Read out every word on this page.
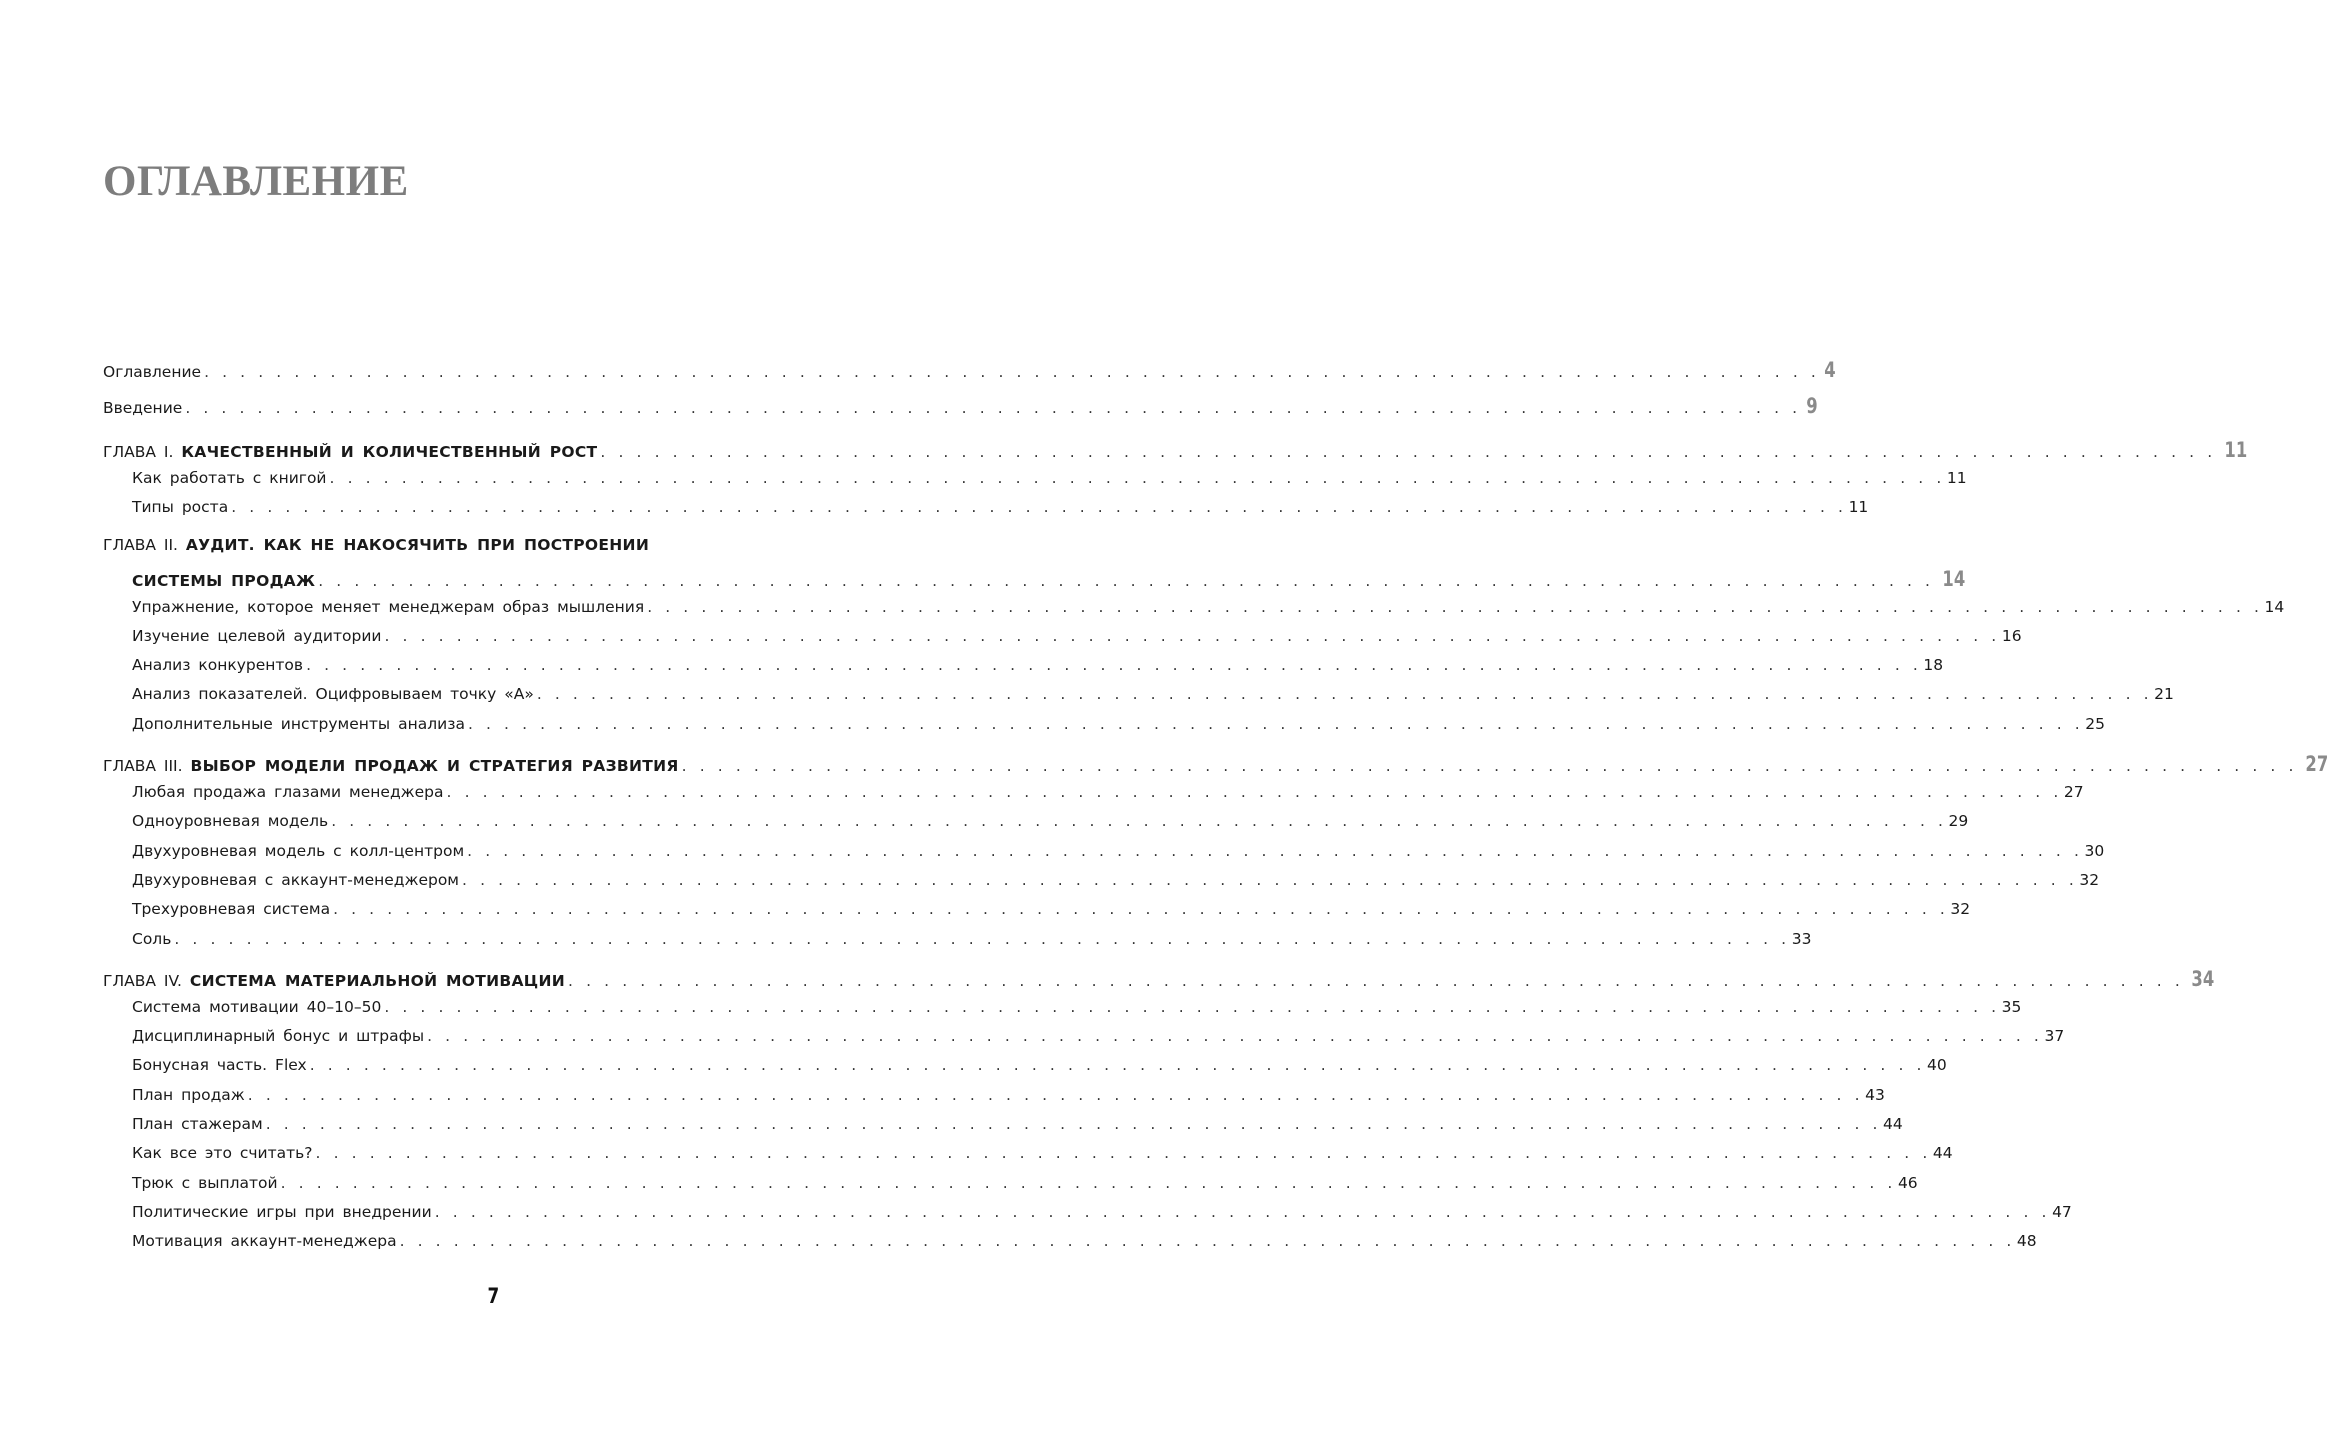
ОГЛАВЛЕНИЕ
Оглавление . . . . . . . . . . . . . . . . . . . . . . . . . . . . . . . . . . . . . . . . . . . . . . . . . . . . . . . . . . . . . . . . . . . . . . . . . . . . . . . . . . . . . . . . . . 4
Введение . . . . . . . . . . . . . . . . . . . . . . . . . . . . . . . . . . . . . . . . . . . . . . . . . . . . . . . . . . . . . . . . . . . . . . . . . . . . . . . . . . . . . . . . . . 9
ГЛАВА I. КАЧЕСТВЕННЫЙ И КОЛИЧЕСТВЕННЫЙ РОСТ . . . . . . . . . . . . . . . . . . . . . . . . . . . . . . . . . . . . . . . . . . . . . . . . . . . . . . . . . . . . . . . . . . . . . . . . . . . . . . . . . . . . . . . . . . 11
Как работать с книгой . . . . . . . . . . . . . . . . . . . . . . . . . . . . . . . . . . . . . . . . . . . . . . . . . . . . . . . . . . . . . . . . . . . . . . . . . . . . . . . . . . . . . . . . . . 11
Типы роста . . . . . . . . . . . . . . . . . . . . . . . . . . . . . . . . . . . . . . . . . . . . . . . . . . . . . . . . . . . . . . . . . . . . . . . . . . . . . . . . . . . . . . . . . . 11
ГЛАВА II. АУДИТ. КАК НЕ НАКОСЯЧИТЬ ПРИ ПОСТРОЕНИИ
СИСТЕМЫ ПРОДАЖ . . . . . . . . . . . . . . . . . . . . . . . . . . . . . . . . . . . . . . . . . . . . . . . . . . . . . . . . . . . . . . . . . . . . . . . . . . . . . . . . . . . . . . . . . . 14
Упражнение, которое меняет менеджерам образ мышления . . . . . . . . . . . . . . . . . . . . . . . . . . . . . . . . . . . . . . . . . . . . . . . . . . . . . . . . . . . . . . . . . . . . . . . . . . . . . . . . . . . . . . . . . . 14
Изучение целевой аудитории . . . . . . . . . . . . . . . . . . . . . . . . . . . . . . . . . . . . . . . . . . . . . . . . . . . . . . . . . . . . . . . . . . . . . . . . . . . . . . . . . . . . . . . . . . 16
Анализ конкурентов . . . . . . . . . . . . . . . . . . . . . . . . . . . . . . . . . . . . . . . . . . . . . . . . . . . . . . . . . . . . . . . . . . . . . . . . . . . . . . . . . . . . . . . . . . 18
Анализ показателей. Оцифровываем точку «А» . . . . . . . . . . . . . . . . . . . . . . . . . . . . . . . . . . . . . . . . . . . . . . . . . . . . . . . . . . . . . . . . . . . . . . . . . . . . . . . . . . . . . . . . . . 21
Дополнительные инструменты анализа . . . . . . . . . . . . . . . . . . . . . . . . . . . . . . . . . . . . . . . . . . . . . . . . . . . . . . . . . . . . . . . . . . . . . . . . . . . . . . . . . . . . . . . . . . 25
ГЛАВА III. ВЫБОР МОДЕЛИ ПРОДАЖ И СТРАТЕГИЯ РАЗВИТИЯ . . . . . . . . . . . . . . . . . . . . . . . . . . . . . . . . . . . . . . . . . . . . . . . . . . . . . . . . . . . . . . . . . . . . . . . . . . . . . . . . . . . . . . . . . . 27
Любая продажа глазами менеджера . . . . . . . . . . . . . . . . . . . . . . . . . . . . . . . . . . . . . . . . . . . . . . . . . . . . . . . . . . . . . . . . . . . . . . . . . . . . . . . . . . . . . . . . . . 27
Одноуровневая модель . . . . . . . . . . . . . . . . . . . . . . . . . . . . . . . . . . . . . . . . . . . . . . . . . . . . . . . . . . . . . . . . . . . . . . . . . . . . . . . . . . . . . . . . . . 29
Двухуровневая модель с колл-центром . . . . . . . . . . . . . . . . . . . . . . . . . . . . . . . . . . . . . . . . . . . . . . . . . . . . . . . . . . . . . . . . . . . . . . . . . . . . . . . . . . . . . . . . . . 30
Двухуровневая с аккаунт-менеджером . . . . . . . . . . . . . . . . . . . . . . . . . . . . . . . . . . . . . . . . . . . . . . . . . . . . . . . . . . . . . . . . . . . . . . . . . . . . . . . . . . . . . . . . . . 32
Трехуровневая система . . . . . . . . . . . . . . . . . . . . . . . . . . . . . . . . . . . . . . . . . . . . . . . . . . . . . . . . . . . . . . . . . . . . . . . . . . . . . . . . . . . . . . . . . . 32
Соль . . . . . . . . . . . . . . . . . . . . . . . . . . . . . . . . . . . . . . . . . . . . . . . . . . . . . . . . . . . . . . . . . . . . . . . . . . . . . . . . . . . . . . . . . . 33
ГЛАВА IV. СИСТЕМА МАТЕРИАЛЬНОЙ МОТИВАЦИИ . . . . . . . . . . . . . . . . . . . . . . . . . . . . . . . . . . . . . . . . . . . . . . . . . . . . . . . . . . . . . . . . . . . . . . . . . . . . . . . . . . . . . . . . . . 34
Система мотивации 40–10–50 . . . . . . . . . . . . . . . . . . . . . . . . . . . . . . . . . . . . . . . . . . . . . . . . . . . . . . . . . . . . . . . . . . . . . . . . . . . . . . . . . . . . . . . . . . 35
Дисциплинарный бонус и штрафы . . . . . . . . . . . . . . . . . . . . . . . . . . . . . . . . . . . . . . . . . . . . . . . . . . . . . . . . . . . . . . . . . . . . . . . . . . . . . . . . . . . . . . . . . . 37
Бонусная часть. Flex . . . . . . . . . . . . . . . . . . . . . . . . . . . . . . . . . . . . . . . . . . . . . . . . . . . . . . . . . . . . . . . . . . . . . . . . . . . . . . . . . . . . . . . . . . 40
План продаж . . . . . . . . . . . . . . . . . . . . . . . . . . . . . . . . . . . . . . . . . . . . . . . . . . . . . . . . . . . . . . . . . . . . . . . . . . . . . . . . . . . . . . . . . . 43
План стажерам . . . . . . . . . . . . . . . . . . . . . . . . . . . . . . . . . . . . . . . . . . . . . . . . . . . . . . . . . . . . . . . . . . . . . . . . . . . . . . . . . . . . . . . . . . 44
Как все это считать? . . . . . . . . . . . . . . . . . . . . . . . . . . . . . . . . . . . . . . . . . . . . . . . . . . . . . . . . . . . . . . . . . . . . . . . . . . . . . . . . . . . . . . . . . . 44
Трюк с выплатой . . . . . . . . . . . . . . . . . . . . . . . . . . . . . . . . . . . . . . . . . . . . . . . . . . . . . . . . . . . . . . . . . . . . . . . . . . . . . . . . . . . . . . . . . . 46
Политические игры при внедрении . . . . . . . . . . . . . . . . . . . . . . . . . . . . . . . . . . . . . . . . . . . . . . . . . . . . . . . . . . . . . . . . . . . . . . . . . . . . . . . . . . . . . . . . . . 47
Мотивация аккаунт-менеджера . . . . . . . . . . . . . . . . . . . . . . . . . . . . . . . . . . . . . . . . . . . . . . . . . . . . . . . . . . . . . . . . . . . . . . . . . . . . . . . . . . . . . . . . . . 48
7
